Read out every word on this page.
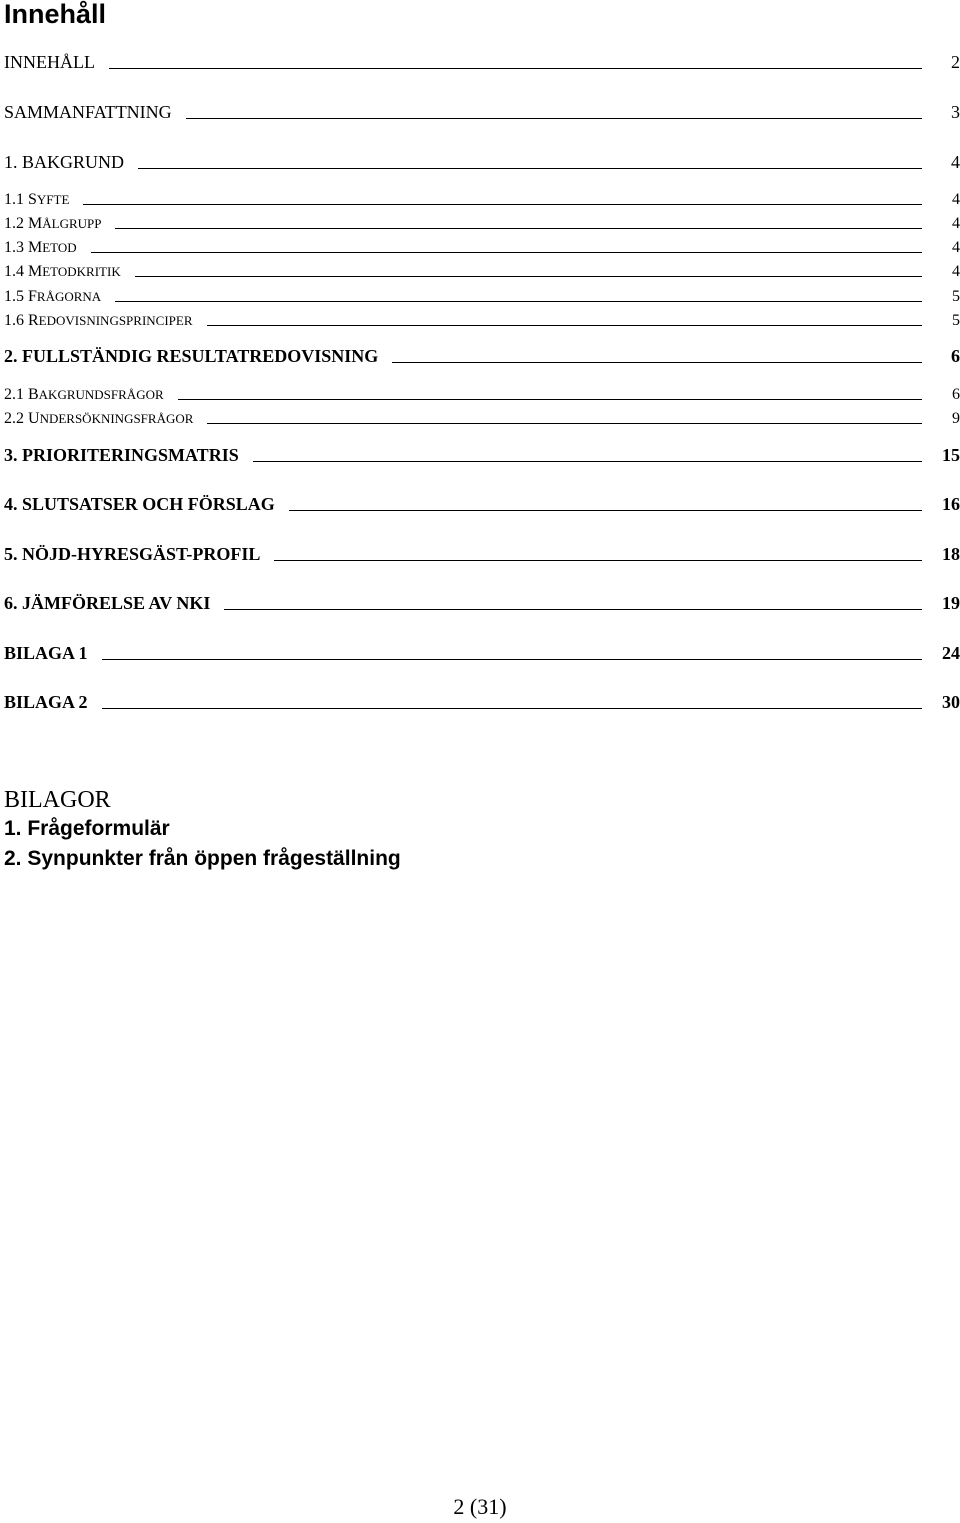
Innehåll
INNEHÅLL	2
SAMMANFATTNING	3
1. BAKGRUND	4
1.1 SYFTE	4
1.2 MÅLGRUPP	4
1.3 METOD	4
1.4 METODKRITIK	4
1.5 FRÅGORNA	5
1.6 REDOVISNINGSPRINCIPER	5
2. FULLSTÄNDIG RESULTATREDOVISNING	6
2.1 BAKGRUNDSFRÅGOR	6
2.2 UNDERSÖKNINGSFRÅGOR	9
3. PRIORITERINGSMATRIS	15
4. SLUTSATSER OCH FÖRSLAG	16
5. NÖJD-HYRESGÄST-PROFIL	18
6. JÄMFÖRELSE AV NKI	19
BILAGA 1	24
BILAGA 2	30
BILAGOR
1. Frågeformulär
2. Synpunkter från öppen frågeställning
2 (31)
